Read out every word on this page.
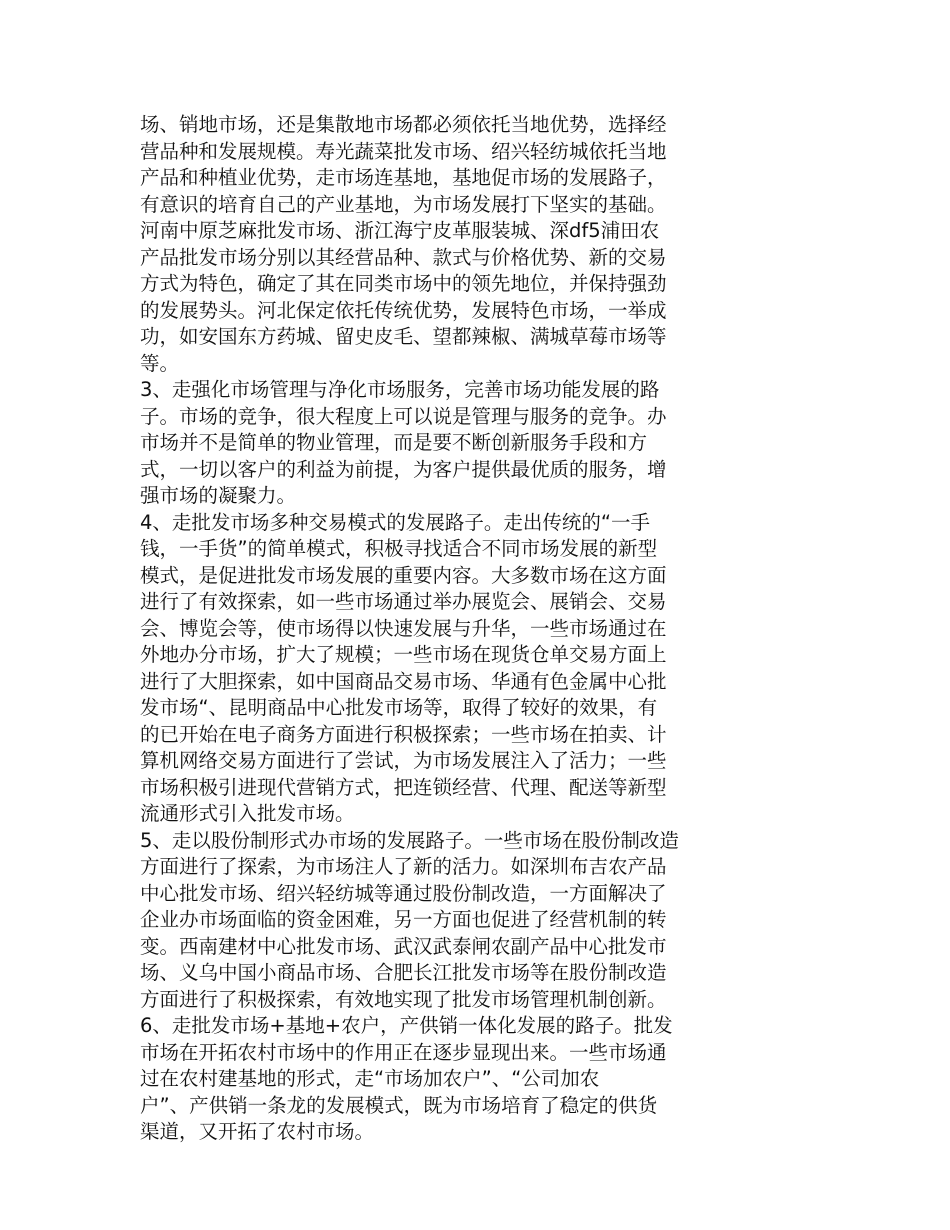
场、销地市场，还是集散地市场都必须依托当地优势，选择经
营品种和发展规模。寿光蔬菜批发市场、绍兴轻纺城依托当地
产品和种植业优势，走市场连基地，基地促市场的发展路子，
有意识的培育自己的产业基地，为市场发展打下坚实的基础。
河南中原芝麻批发市场、浙江海宁皮革服装城、深df5浦田农
产品批发市场分别以其经营品种、款式与价格优势、新的交易
方式为特色，确定了其在同类市场中的领先地位，并保持强劲
的发展势头。河北保定依托传统优势，发展特色市场，一举成
功，如安国东方药城、留史皮毛、望都辣椒、满城草莓市场等
等。
3、走强化市场管理与净化市场服务，完善市场功能发展的路
子。市场的竞争，很大程度上可以说是管理与服务的竞争。办
市场并不是简单的物业管理，而是要不断创新服务手段和方
式，一切以客户的利益为前提，为客户提供最优质的服务，增
强市场的凝聚力。
4、走批发市场多种交易模式的发展路子。走出传统的“一手
钱，一手货”的简单模式，积极寻找适合不同市场发展的新型
模式，是促进批发市场发展的重要内容。大多数市场在这方面
进行了有效探索，如一些市场通过举办展览会、展销会、交易
会、博览会等，使市场得以快速发展与升华，一些市场通过在
外地办分市场，扩大了规模；一些市场在现货仓单交易方面上
进行了大胆探索，如中国商品交易市场、华通有色金属中心批
发市场“、昆明商品中心批发市场等，取得了较好的效果，有
的已开始在电子商务方面进行积极探索；一些市场在拍卖、计
算机网络交易方面进行了尝试，为市场发展注入了活力；一些
市场积极引进现代营销方式，把连锁经营、代理、配送等新型
流通形式引入批发市场。
5、走以股份制形式办市场的发展路子。一些市场在股份制改造
方面进行了探索，为市场注人了新的活力。如深圳布吉农产品
中心批发市场、绍兴轻纺城等通过股份制改造，一方面解决了
企业办市场面临的资金困难，另一方面也促进了经营机制的转
变。西南建材中心批发市场、武汉武泰闸农副产品中心批发市
场、义乌中国小商品市场、合肥长江批发市场等在股份制改造
方面进行了积极探索，有效地实现了批发市场管理机制创新。
6、走批发市场+基地+农户，产供销一体化发展的路子。批发
市场在开拓农村市场中的作用正在逐步显现出来。一些市场通
过在农村建基地的形式，走“市场加农户”、“公司加农
户”、产供销一条龙的发展模式，既为市场培育了稳定的供货
渠道，又开拓了农村市场。
